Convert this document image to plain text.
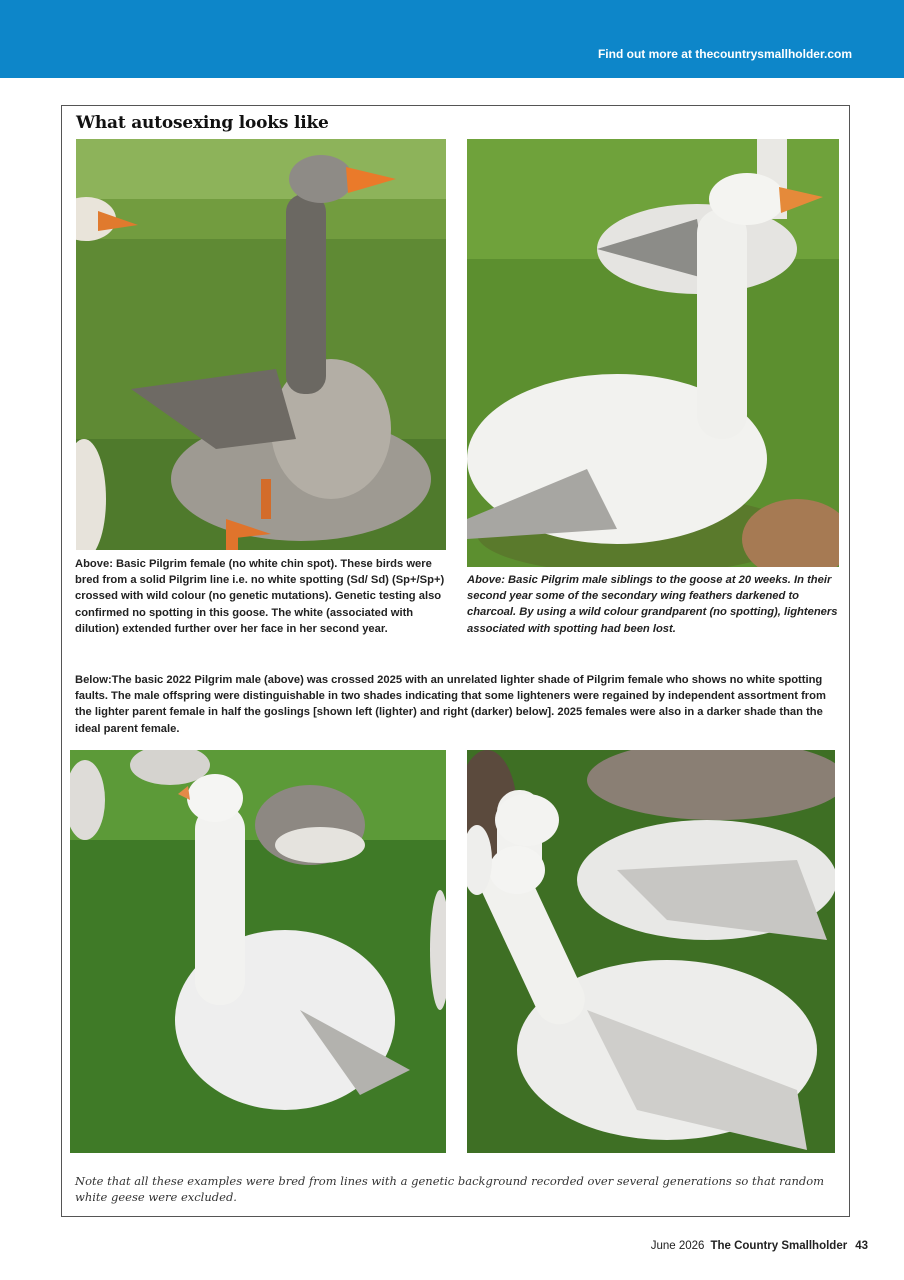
Find out more at thecountrysmallholder.com
What autosexing looks like
Above: Basic Pilgrim female (no white chin spot). These birds were bred from a solid Pilgrim line i.e. no white spotting (Sd/ Sd) (Sp+/Sp+) crossed with wild colour (no genetic mutations). Genetic testing also confirmed no spotting in this goose. The white (associated with dilution) extended further over her face in her second year.
Above: Basic Pilgrim male siblings to the goose at 20 weeks. In their second year some of the secondary wing feathers darkened to charcoal. By using a wild colour grandparent (no spotting), lighteners associated with spotting had been lost.
Below:The basic 2022 Pilgrim male (above) was crossed 2025 with an unrelated lighter shade of Pilgrim female who shows no white spotting faults. The male offspring were distinguishable in two shades indicating that some lighteners were regained by independent assortment from the lighter parent female in half the goslings [shown left (lighter) and right (darker) below]. 2025 females were also in a darker shade than the ideal parent female.
Note that all these examples were bred from lines with a genetic background recorded over several generations so that random white geese were excluded.
June 2026 The Country Smallholder 43
